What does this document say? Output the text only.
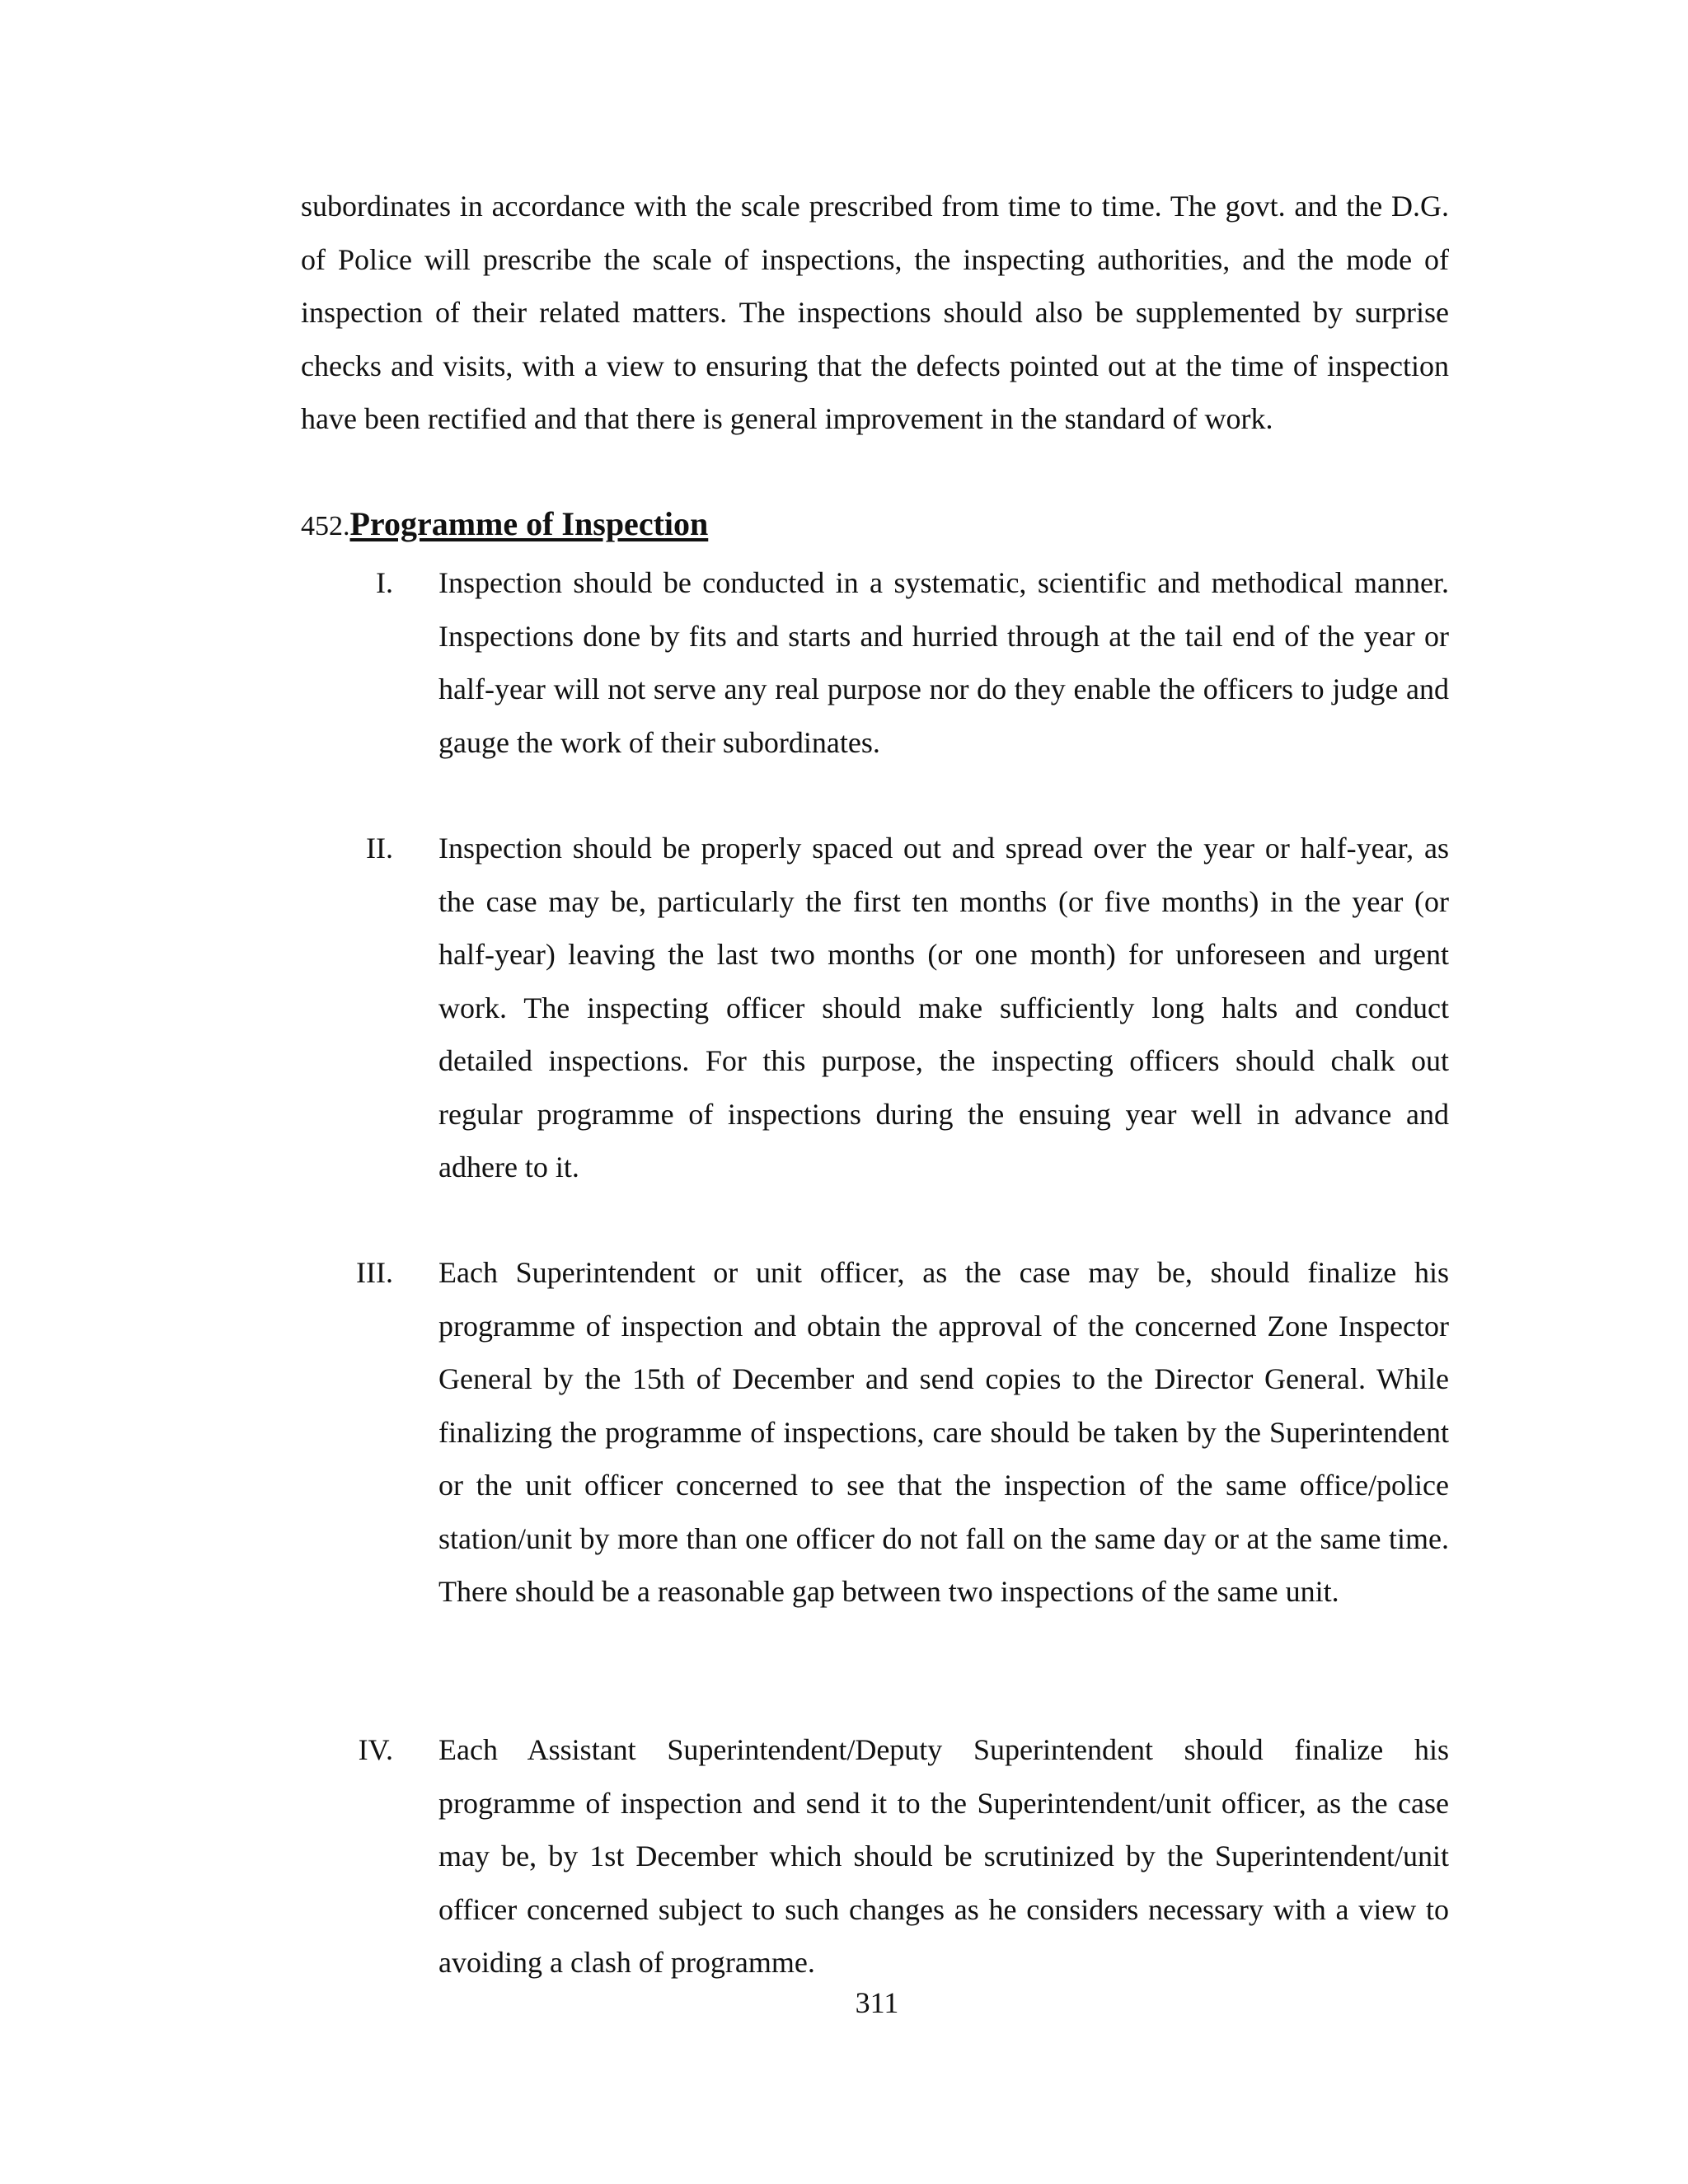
subordinates in accordance with the scale prescribed from time to time. The govt. and the D.G. of Police will prescribe the scale of inspections, the inspecting authorities, and the mode of inspection of their related matters. The inspections should also be supplemented by surprise checks and visits, with a view to ensuring that the defects pointed out at the time of inspection have been rectified and that there is general improvement in the standard of work.

452.Programme of Inspection
I. Inspection should be conducted in a systematic, scientific and methodical manner. Inspections done by fits and starts and hurried through at the tail end of the year or half-year will not serve any real purpose nor do they enable the officers to judge and gauge the work of their subordinates.

II. Inspection should be properly spaced out and spread over the year or half-year, as the case may be, particularly the first ten months (or five months) in the year (or half-year) leaving the last two months (or one month) for unforeseen and urgent work. The inspecting officer should make sufficiently long halts and conduct detailed inspections. For this purpose, the inspecting officers should chalk out regular programme of inspections during the ensuing year well in advance and adhere to it.

III. Each Superintendent or unit officer, as the case may be, should finalize his programme of inspection and obtain the approval of the concerned Zone Inspector General by the 15th of December and send copies to the Director General. While finalizing the programme of inspections, care should be taken by the Superintendent or the unit officer concerned to see that the inspection of the same office/police station/unit by more than one officer do not fall on the same day or at the same time. There should be a reasonable gap between two inspections of the same unit.

IV. Each Assistant Superintendent/Deputy Superintendent should finalize his programme of inspection and send it to the Superintendent/unit officer, as the case may be, by 1st December which should be scrutinized by the Superintendent/unit officer concerned subject to such changes as he considers necessary with a view to avoiding a clash of programme.

311
